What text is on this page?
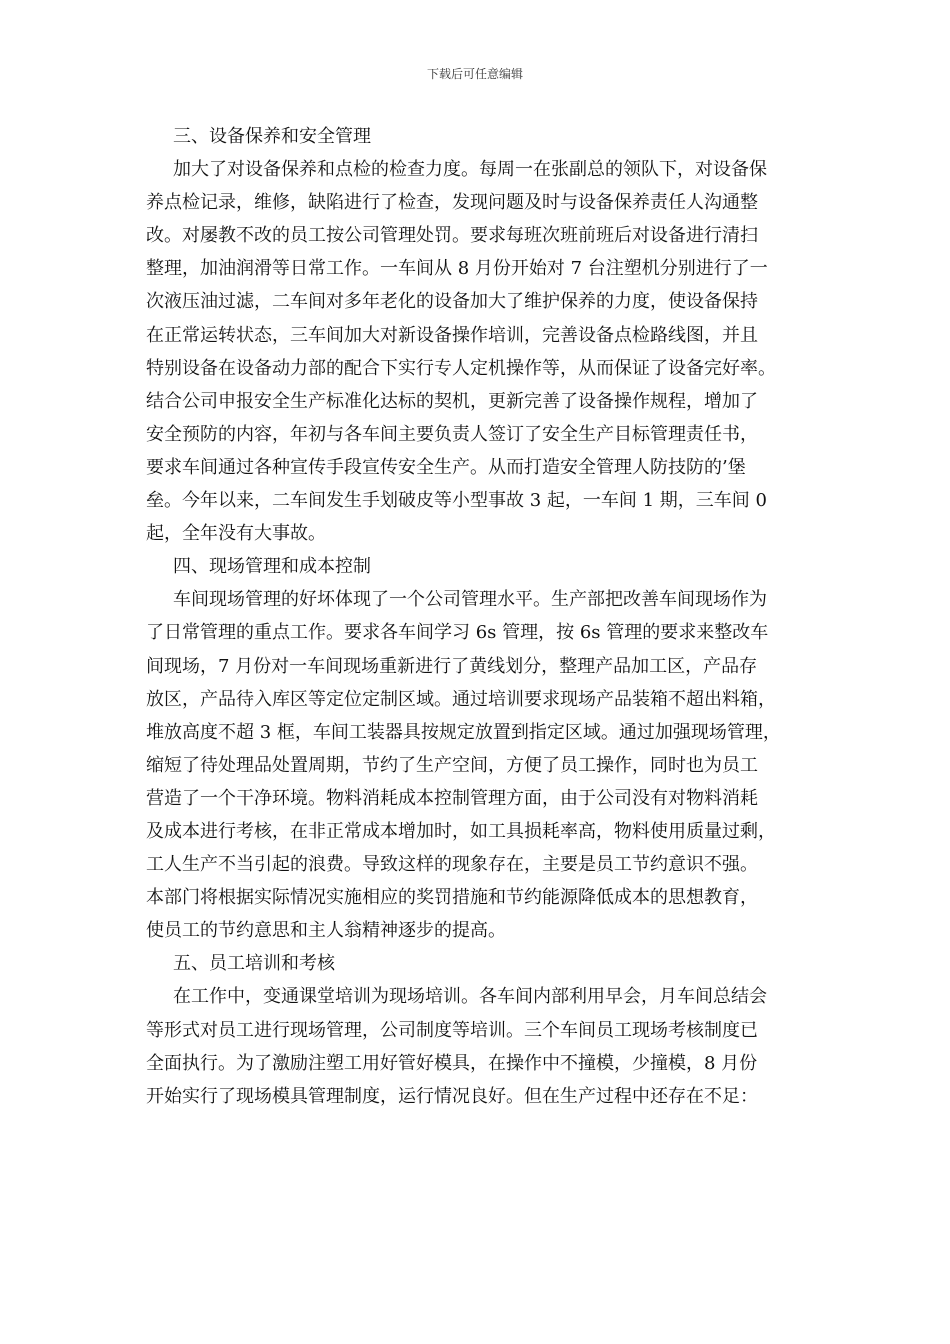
下载后可任意编辑
三、设备保养和安全管理
加大了对设备保养和点检的检查力度。每周一在张副总的领队下，对设备保
养点检记录，维修，缺陷进行了检查，发现问题及时与设备保养责任人沟通整
改。对屡教不改的员工按公司管理处罚。要求每班次班前班后对设备进行清扫
整理，加油润滑等日常工作。一车间从 8 月份开始对 7 台注塑机分别进行了一
次液压油过滤，二车间对多年老化的设备加大了维护保养的力度，使设备保持
在正常运转状态，三车间加大对新设备操作培训，完善设备点检路线图，并且
特别设备在设备动力部的配合下实行专人定机操作等，从而保证了设备完好率。
结合公司申报安全生产标准化达标的契机，更新完善了设备操作规程，增加了
安全预防的内容，年初与各车间主要负责人签订了安全生产目标管理责任书，
要求车间通过各种宣传手段宣传安全生产。从而打造安全管理人防技防的’堡
垒。今年以来，二车间发生手划破皮等小型事故 3 起，一车间 1 期，三车间 0
起，全年没有大事故。
四、现场管理和成本控制
车间现场管理的好坏体现了一个公司管理水平。生产部把改善车间现场作为
了日常管理的重点工作。要求各车间学习 6s 管理，按 6s 管理的要求来整改车
间现场，7 月份对一车间现场重新进行了黄线划分，整理产品加工区，产品存
放区，产品待入库区等定位定制区域。通过培训要求现场产品装箱不超出料箱，
堆放高度不超 3 框，车间工装器具按规定放置到指定区域。通过加强现场管理，
缩短了待处理品处置周期，节约了生产空间，方便了员工操作，同时也为员工
营造了一个干净环境。物料消耗成本控制管理方面，由于公司没有对物料消耗
及成本进行考核，在非正常成本增加时，如工具损耗率高，物料使用质量过剩，
工人生产不当引起的浪费。导致这样的现象存在，主要是员工节约意识不强。
本部门将根据实际情况实施相应的奖罚措施和节约能源降低成本的思想教育，
使员工的节约意思和主人翁精神逐步的提高。
五、员工培训和考核
在工作中，变通课堂培训为现场培训。各车间内部利用早会，月车间总结会
等形式对员工进行现场管理，公司制度等培训。三个车间员工现场考核制度已
全面执行。为了激励注塑工用好管好模具，在操作中不撞模，少撞模，8 月份
开始实行了现场模具管理制度，运行情况良好。但在生产过程中还存在不足：
